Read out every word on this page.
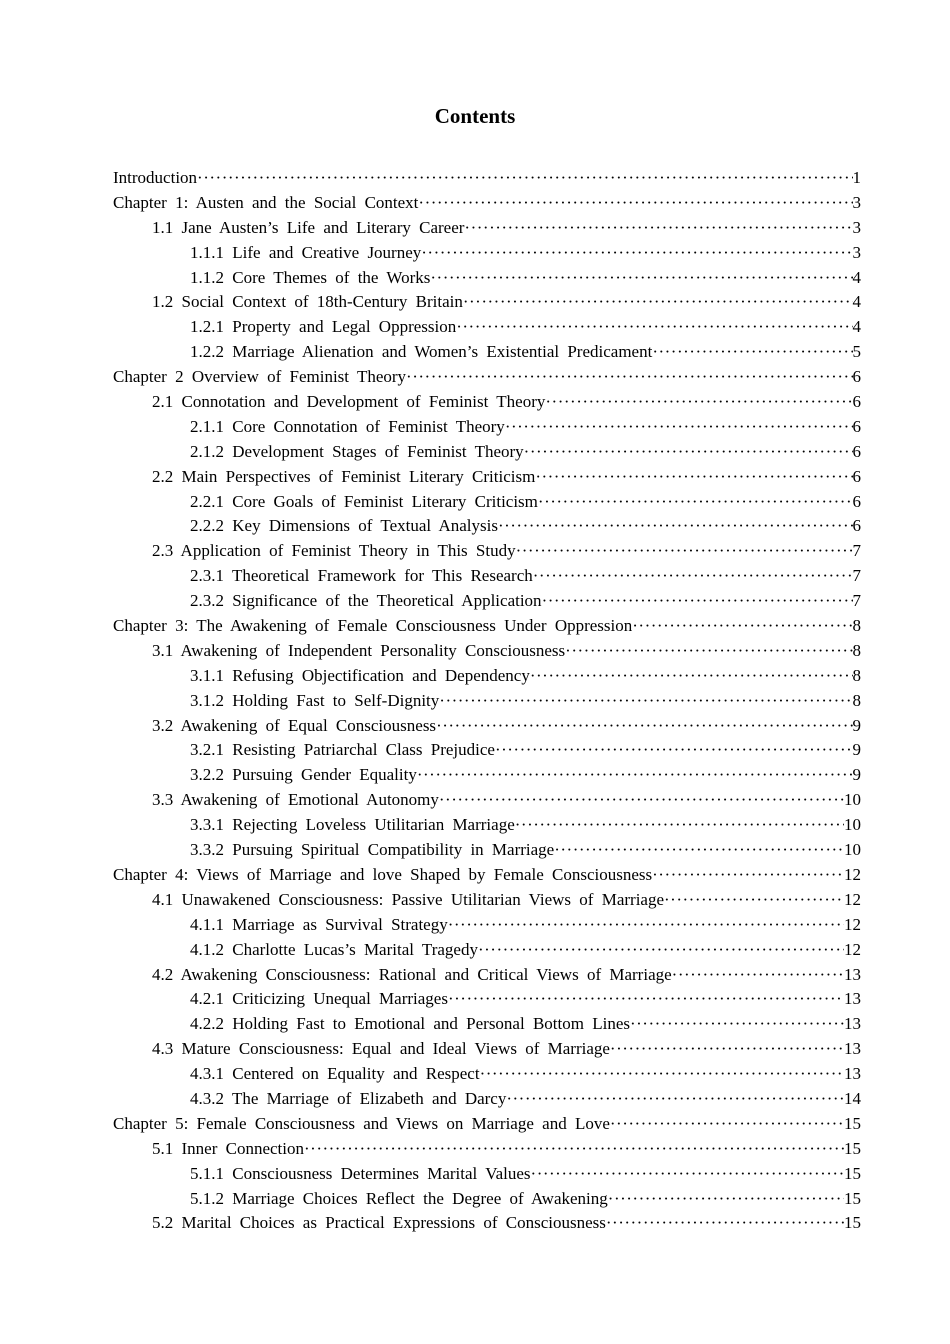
Contents
Introduction ·····	1
Chapter 1: Austen and the Social Context ·····	3
1.1 Jane Austen’s Life and Literary Career ·····	3
1.1.1 Life and Creative Journey ·····	3
1.1.2 Core Themes of the Works ·····	4
1.2 Social Context of 18th-Century Britain ·····	4
1.2.1 Property and Legal Oppression ·····	4
1.2.2 Marriage Alienation and Women’s Existential Predicament ·····	5
Chapter 2 Overview of Feminist Theory ·····	6
2.1 Connotation and Development of Feminist Theory ·····	6
2.1.1 Core Connotation of Feminist Theory ·····	6
2.1.2 Development Stages of Feminist Theory ·····	6
2.2 Main Perspectives of Feminist Literary Criticism ·····	6
2.2.1 Core Goals of Feminist Literary Criticism ·····	6
2.2.2 Key Dimensions of Textual Analysis ·····	6
2.3 Application of Feminist Theory in This Study ·····	7
2.3.1 Theoretical Framework for This Research ·····	7
2.3.2 Significance of the Theoretical Application ·····	7
Chapter 3: The Awakening of Female Consciousness Under Oppression ·····	8
3.1 Awakening of Independent Personality Consciousness ·····	8
3.1.1 Refusing Objectification and Dependency ·····	8
3.1.2 Holding Fast to Self-Dignity ·····	8
3.2 Awakening of Equal Consciousness ·····	9
3.2.1 Resisting Patriarchal Class Prejudice ·····	9
3.2.2 Pursuing Gender Equality ·····	9
3.3 Awakening of Emotional Autonomy ·····	10
3.3.1 Rejecting Loveless Utilitarian Marriage ·····	10
3.3.2 Pursuing Spiritual Compatibility in Marriage ·····	10
Chapter 4: Views of Marriage and love Shaped by Female Consciousness ·····	12
4.1 Unawakened Consciousness: Passive Utilitarian Views of Marriage ·····	12
4.1.1 Marriage as Survival Strategy ·····	12
4.1.2 Charlotte Lucas’s Marital Tragedy ·····	12
4.2 Awakening Consciousness: Rational and Critical Views of Marriage ·····	13
4.2.1 Criticizing Unequal Marriages ·····	13
4.2.2 Holding Fast to Emotional and Personal Bottom Lines ·····	13
4.3 Mature Consciousness: Equal and Ideal Views of Marriage ·····	13
4.3.1 Centered on Equality and Respect ·····	13
4.3.2 The Marriage of Elizabeth and Darcy ·····	14
Chapter 5: Female Consciousness and Views on Marriage and Love ·····	15
5.1 Inner Connection ·····	15
5.1.1 Consciousness Determines Marital Values ·····	15
5.1.2 Marriage Choices Reflect the Degree of Awakening ·····	15
5.2 Marital Choices as Practical Expressions of Consciousness ·····	15
